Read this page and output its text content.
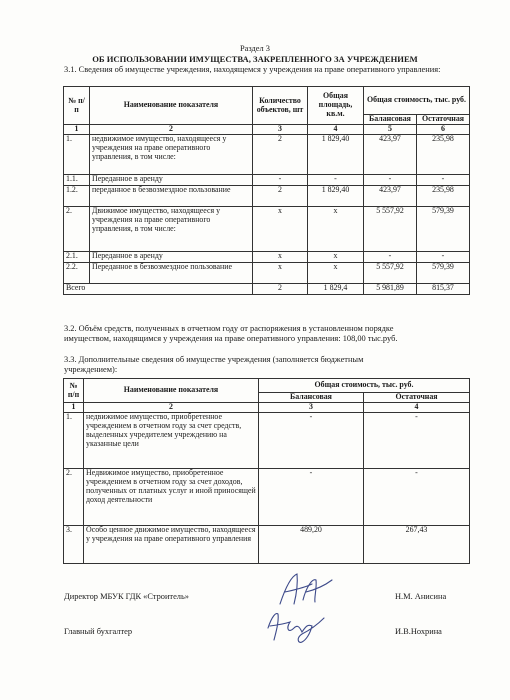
Раздел 3
ОБ ИСПОЛЬЗОВАНИИ ИМУЩЕСТВА, ЗАКРЕПЛЕННОГО ЗА УЧРЕЖДЕНИЕМ
3.1. Сведения об имуществе учреждения, находящемся у учреждения на праве оперативного управления:
№ п/п	Наименование показателя	Количество объектов, шт	Общая площадь, кв.м.	Общая стоимость, тыс. руб.	
				Балансовая	Остаточная
1	2	3	4	5	6
1.	недвижимое имущество, находящееся у учреждения на праве оперативного управления, в том числе:	2	1 829,40	423,97	235,98
1.1.	Переданное в аренду	-	-	-	-
1.2.	переданное в безвозмездное пользование	2	1 829,40	423,97	235,98
2.	Движимое имущество, находящееся у учреждения на праве оперативного управления, в том числе:	х	х	5 557,92	579,39
2.1.	Переданное в аренду	х	х	-	-
2.2.	Переданное в безвозмездное пользование	х	х	5 557,92	579,39
Всего		2	1 829,4	5 981,89	815,37
3.2. Объём средств, полученных в отчетном году от распоряжения в установленном порядке
имуществом, находящимся у учреждения на праве оперативного управления: 108,00 тыс.руб.
3.3. Дополнительные сведения об имуществе учреждения (заполняется бюджетным
учреждением):
№ п/п	Наименование показателя	Общая стоимость, тыс. руб.	
		Балансовая	Остаточная
1	2	3	4
1.	недвижимое имущество, приобретенное учреждением в отчетном году за счет средств, выделенных учредителем учреждению на указанные цели	-	-
2.	Недвижимое имущество, приобретенное учреждением в отчетном году за счет доходов, полученных от платных услуг и иной приносящей доход деятельности	-	-
3.	Особо ценное движимое имущество, находящееся у учреждения на праве оперативного управления	489,20	267,43
Директор МБУК ГДК «Строитель»	Н.М. Анисина
Главный бухгалтер	И.В.Нохрина
